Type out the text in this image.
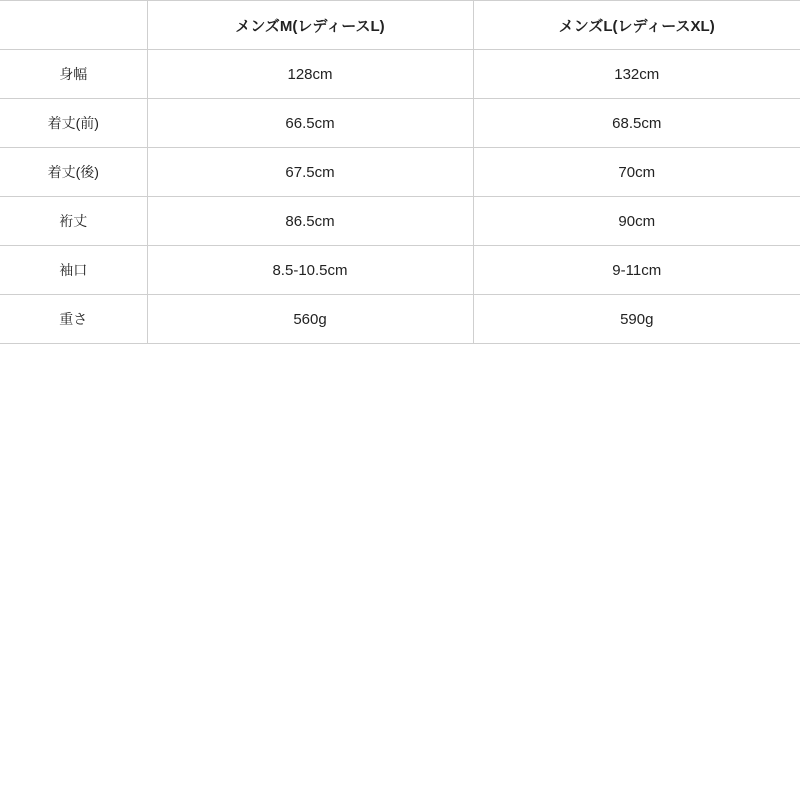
	メンズM(レディースL)	メンズL(レディースXL)
身幅	128cm	132cm
着丈(前)	66.5cm	68.5cm
着丈(後)	67.5cm	70cm
裄丈	86.5cm	90cm
袖口	8.5-10.5cm	9-11cm
重さ	560g	590g
